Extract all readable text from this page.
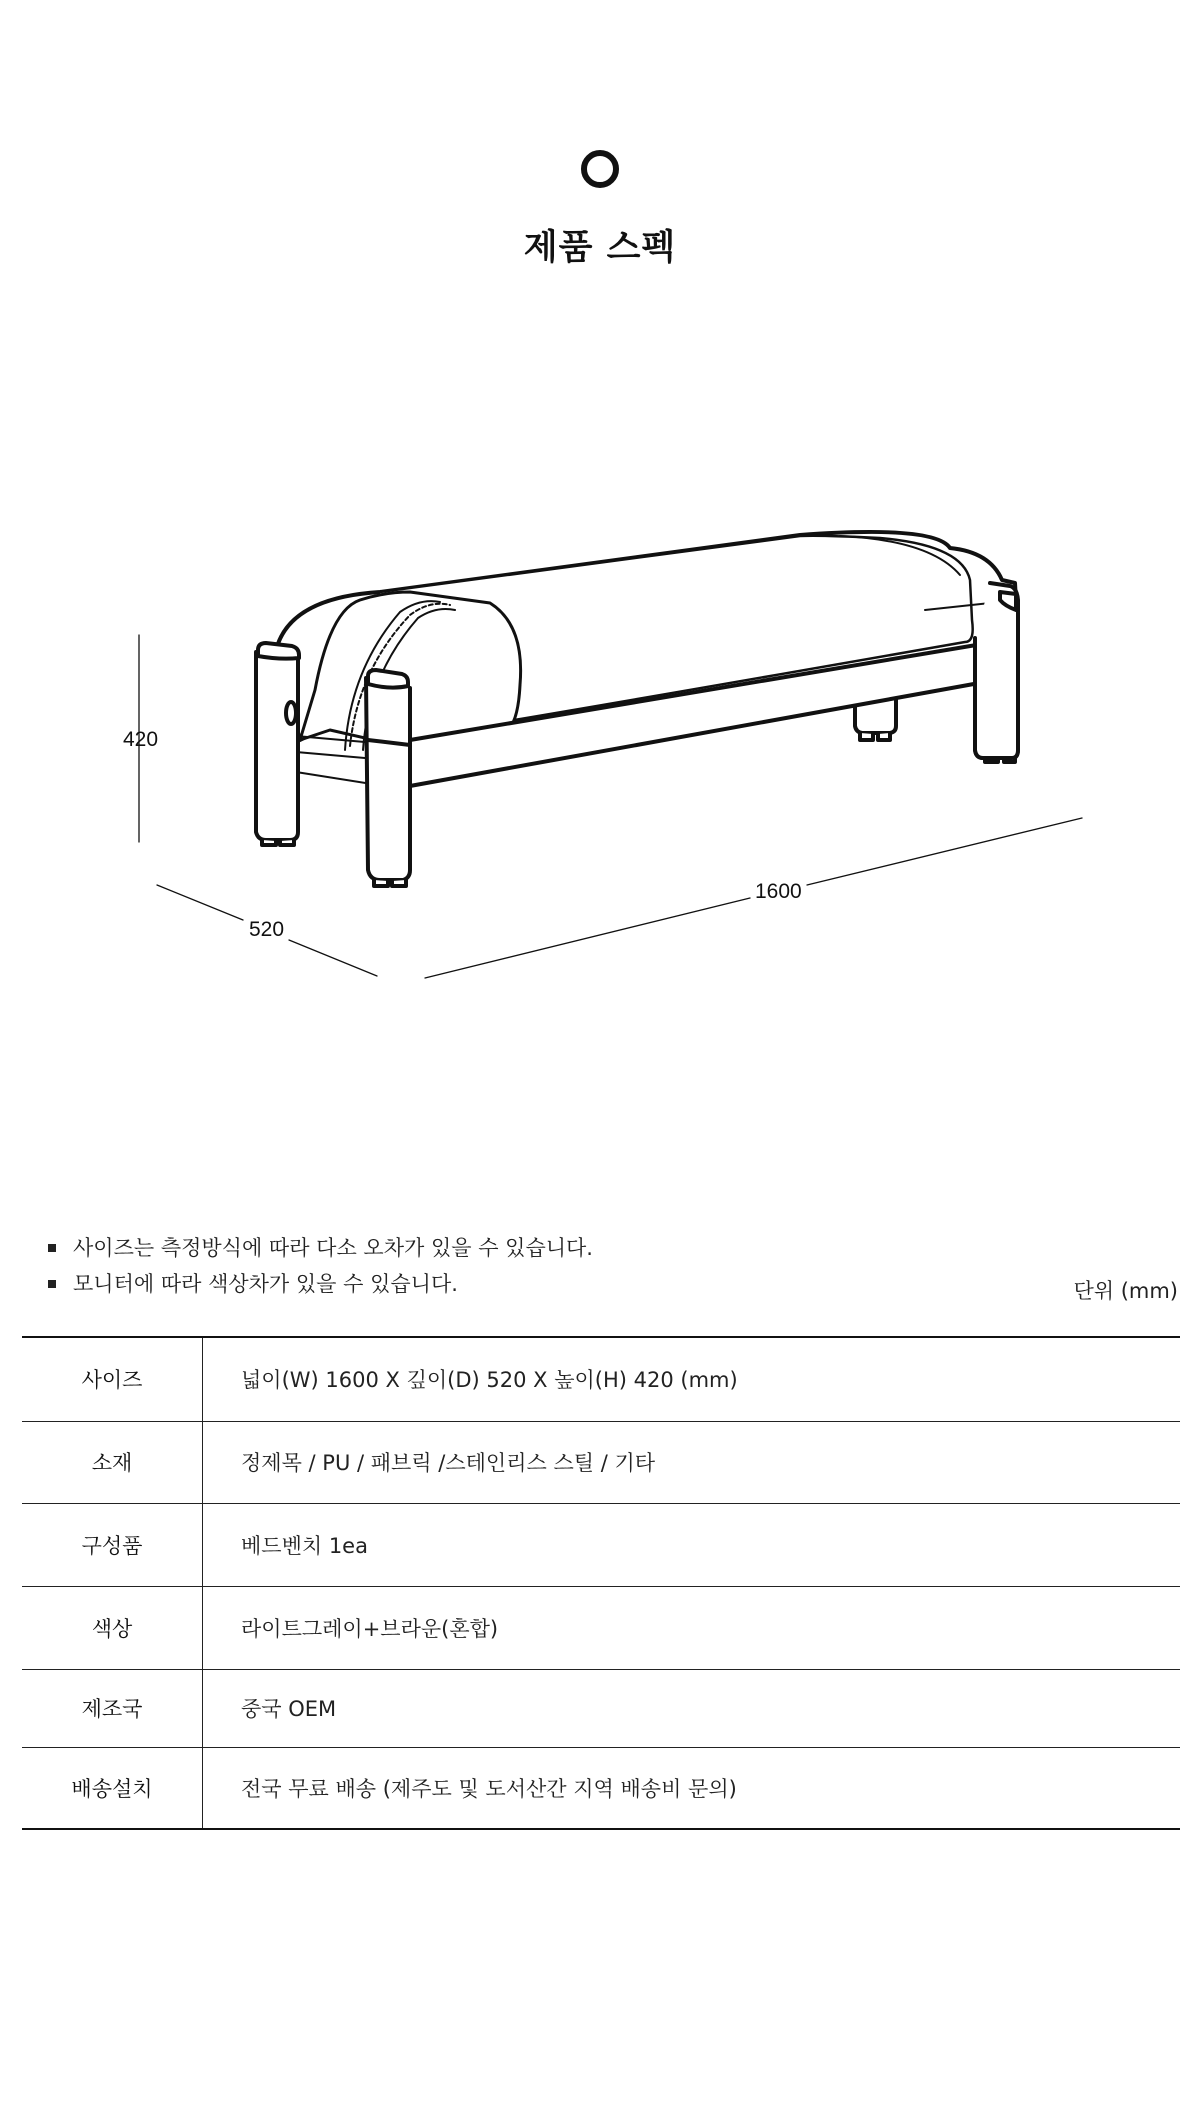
제품 스펙
420
520
1600
사이즈는 측정방식에 따라 다소 오차가 있을 수 있습니다.
모니터에 따라 색상차가 있을 수 있습니다.	단위 (mm)
사이즈	넓이(W) 1600 X 깊이(D) 520 X 높이(H) 420 (mm)
소재	정제목 / PU / 패브릭 /스테인리스 스틸 / 기타
구성품	베드벤치 1ea
색상	라이트그레이+브라운(혼합)
제조국	중국 OEM
배송설치	전국 무료 배송 (제주도 및 도서산간 지역 배송비 문의)
